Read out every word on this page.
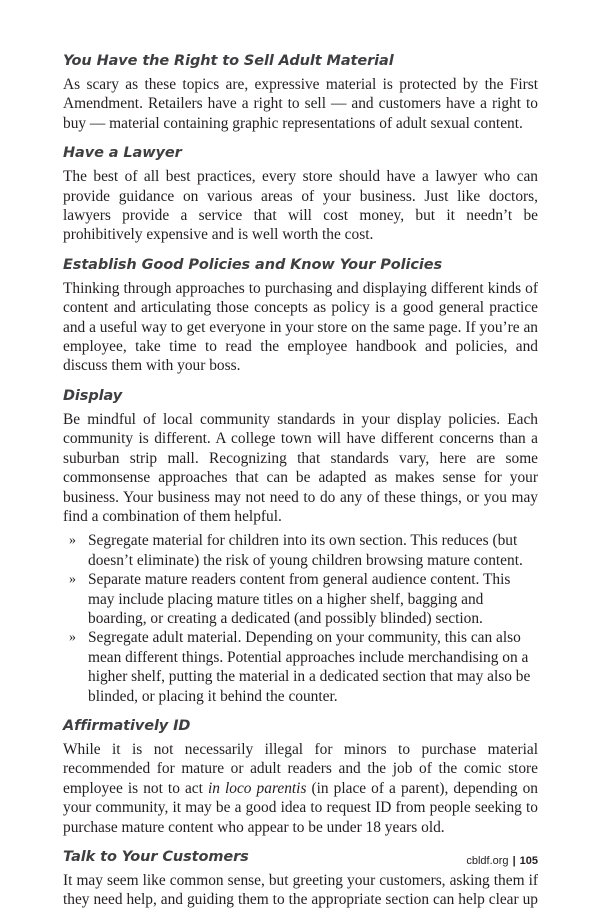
You Have the Right to Sell Adult Material

As scary as these topics are, expressive material is protected by the First Amendment. Retailers have a right to sell — and customers have a right to buy — material containing graphic representations of adult sexual content.

Have a Lawyer

The best of all best practices, every store should have a lawyer who can provide guidance on various areas of your business. Just like doctors, lawyers provide a service that will cost money, but it needn’t be prohibitively expensive and is well worth the cost.

Establish Good Policies and Know Your Policies

Thinking through approaches to purchasing and displaying different kinds of content and articulating those concepts as policy is a good general practice and a useful way to get everyone in your store on the same page. If you’re an employee, take time to read the employee handbook and policies, and discuss them with your boss.

Display

Be mindful of local community standards in your display policies. Each community is different. A college town will have different concerns than a suburban strip mall. Recognizing that standards vary, here are some commonsense approaches that can be adapted as makes sense for your business. Your business may not need to do any of these things, or you may find a combination of them helpful.

» Segregate material for children into its own section. This reduces (but doesn’t eliminate) the risk of young children browsing mature content.
» Separate mature readers content from general audience content. This may include placing mature titles on a higher shelf, bagging and boarding, or creating a dedicated (and possibly blinded) section.
» Segregate adult material. Depending on your community, this can also mean different things. Potential approaches include merchandising on a higher shelf, putting the material in a dedicated section that may also be blinded, or placing it behind the counter.
Affirmatively ID

While it is not necessarily illegal for minors to purchase material recommended for mature or adult readers and the job of the comic store employee is not to act in loco parentis (in place of a parent), depending on your community, it may be a good idea to request ID from people seeking to purchase mature content who appear to be under 18 years old.

Talk to Your Customers

It may seem like common sense, but greeting your customers, asking them if they need help, and guiding them to the appropriate section can help clear up

cbldf.org | 105
